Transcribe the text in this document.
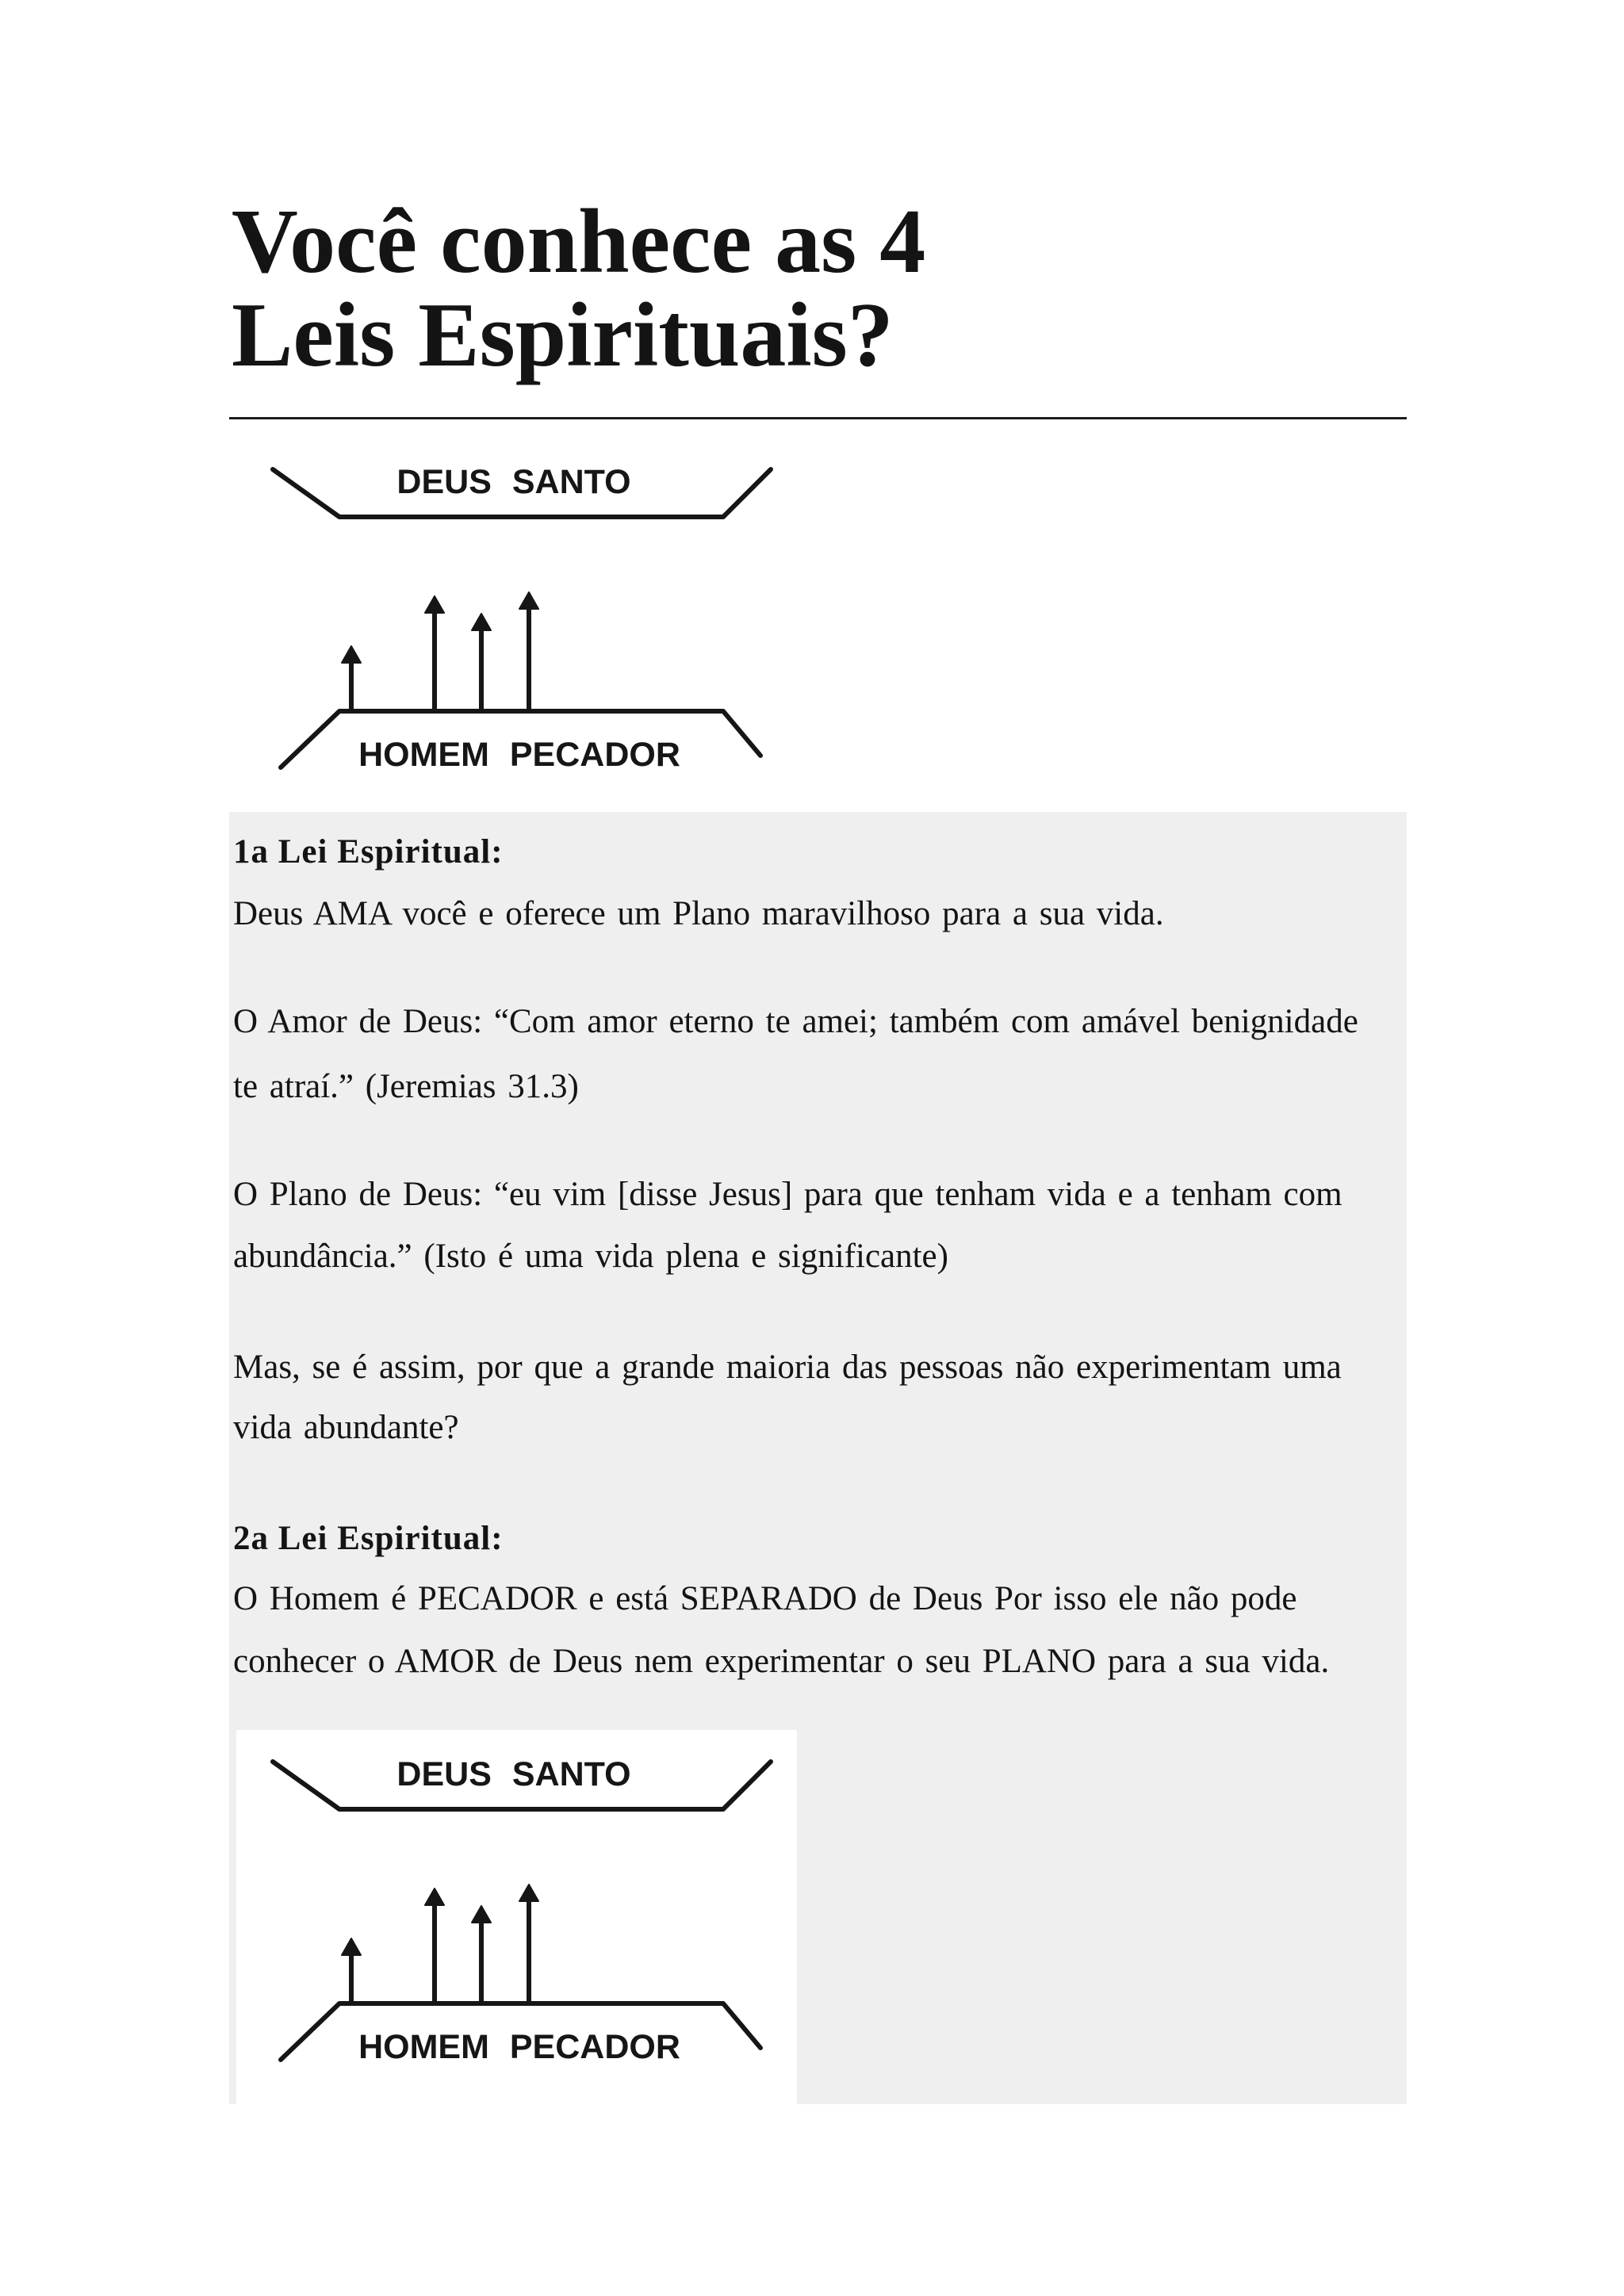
Você conhece as 4
Leis Espirituais?
DEUS SANTO
HOMEM PECADOR

1a Lei Espiritual:

Deus AMA você e oferece um Plano maravilhoso para a sua vida.

O Amor de Deus: “Com amor eterno te amei; também com amável benignidade

te atraí.” (Jeremias 31.3)

O Plano de Deus: “eu vim [disse Jesus] para que tenham vida e a tenham com

abundância.” (Isto é uma vida plena e significante)

Mas, se é assim, por que a grande maioria das pessoas não experimentam uma

vida abundante?

2a Lei Espiritual:

O Homem é PECADOR e está SEPARADO de Deus Por isso ele não pode

conhecer o AMOR de Deus nem experimentar o seu PLANO para a sua vida.

DEUS SANTO
HOMEM PECADOR
